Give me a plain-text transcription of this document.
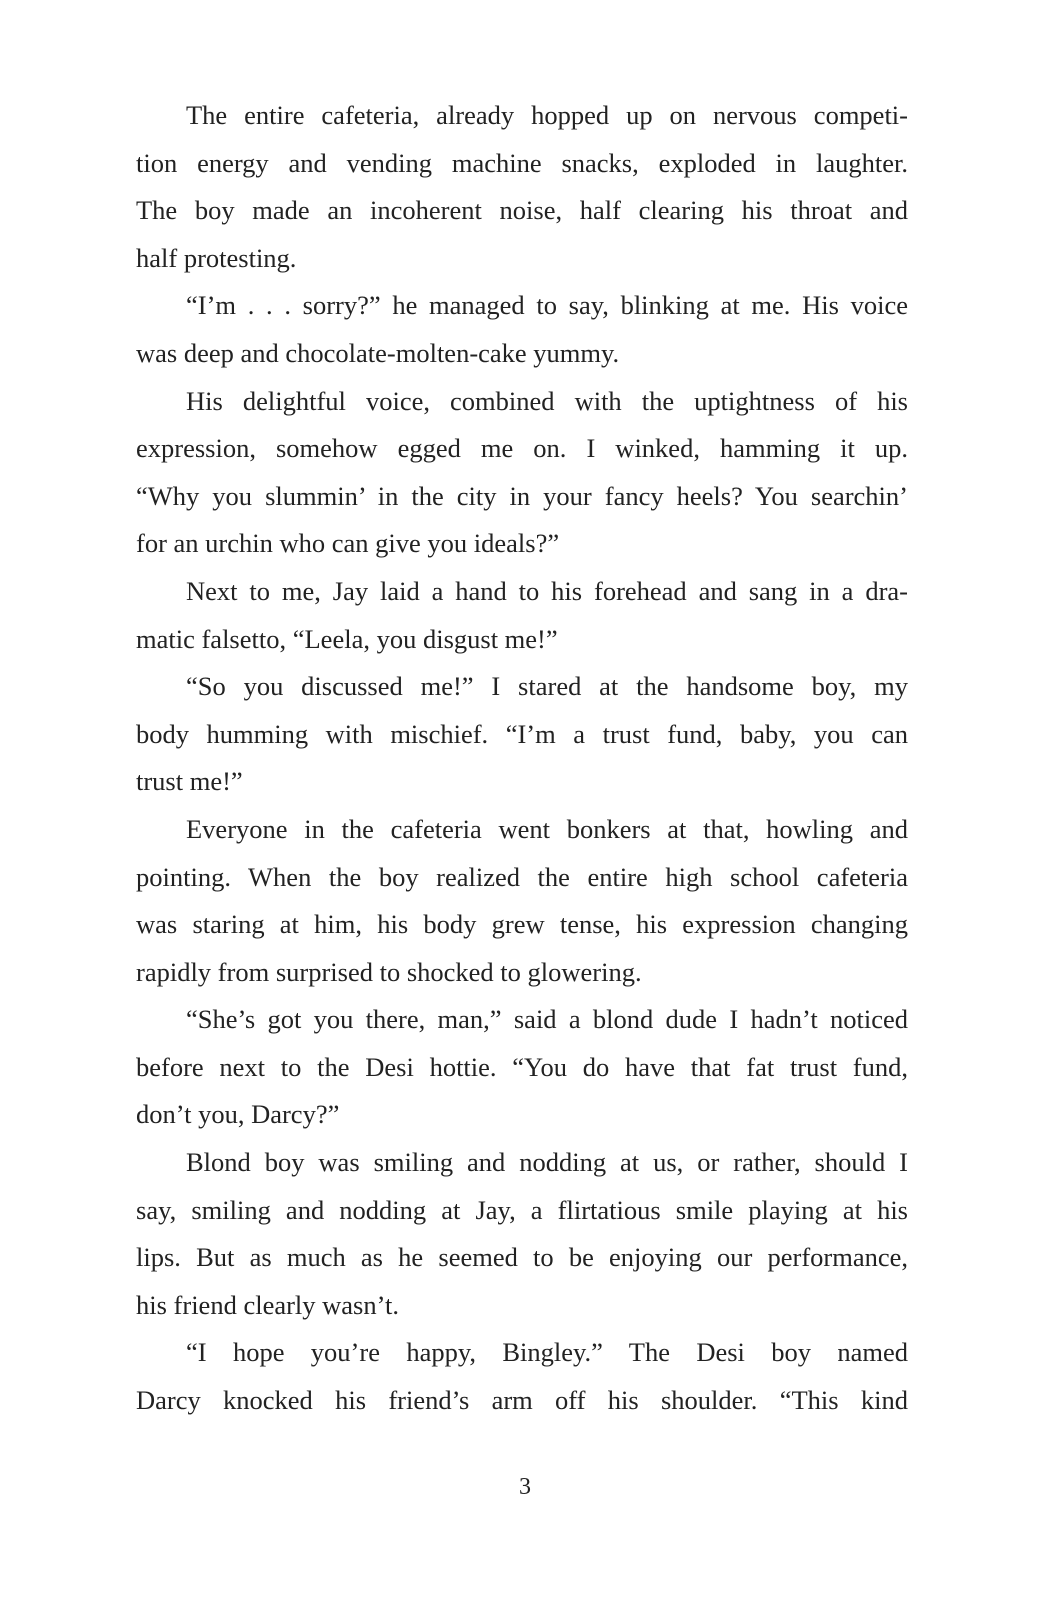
The entire cafeteria, already hopped up on nervous competi-
tion energy and vending machine snacks, exploded in laughter.
The boy made an incoherent noise, half clearing his throat and
half protesting.
“I’m . . . sorry?” he managed to say, blinking at me. His voice
was deep and chocolate-molten-cake yummy.
His delightful voice, combined with the uptightness of his
expression, somehow egged me on. I winked, hamming it up.
“Why you slummin’ in the city in your fancy heels? You searchin’
for an urchin who can give you ideals?”
Next to me, Jay laid a hand to his forehead and sang in a dra-
matic falsetto, “Leela, you disgust me!”
“So you discussed me!” I stared at the handsome boy, my
body humming with mischief. “I’m a trust fund, baby, you can
trust me!”
Everyone in the cafeteria went bonkers at that, howling and
pointing. When the boy realized the entire high school cafeteria
was staring at him, his body grew tense, his expression changing
rapidly from surprised to shocked to glowering.
“She’s got you there, man,” said a blond dude I hadn’t noticed
before next to the Desi hottie. “You do have that fat trust fund,
don’t you, Darcy?”
Blond boy was smiling and nodding at us, or rather, should I
say, smiling and nodding at Jay, a flirtatious smile playing at his
lips. But as much as he seemed to be enjoying our performance,
his friend clearly wasn’t.
“I hope you’re happy, Bingley.” The Desi boy named
Darcy knocked his friend’s arm off his shoulder. “This kind
3
